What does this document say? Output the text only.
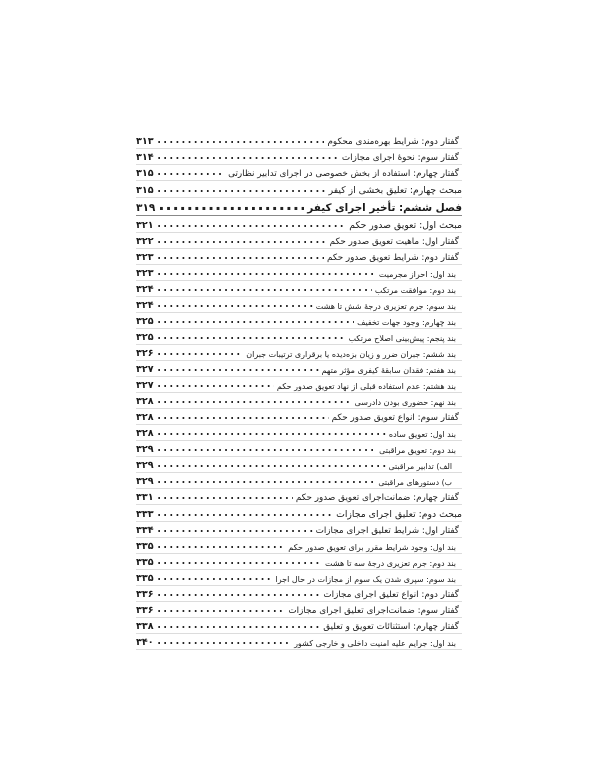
گفتار دوم: شرایط بهره‌مندی محکوم
.....
۳۱۳
گفتار سوم: نحوۀ اجرای مجازات
.....
۳۱۴
گفتار چهارم: استفاده از بخش خصوصی در اجرای تدابیر نظارتی
.....
۳۱۵
مبحث چهارم: تعلیق بخشی از کیفر
.....
۳۱۵
فصل ششم: تأخیر اجرای کیفر
.....
۳۱۹
مبحث اول: تعویق صدور حکم
.....
۳۲۱
گفتار اول: ماهیت تعویق صدور حکم
.....
۳۲۲
گفتار دوم: شرایط تعویق صدور حکم
.....
۳۲۳
بند اول: احراز مجرمیت
.....
۳۲۳
بند دوم: موافقت مرتکب
.....
۳۲۴
بند سوم: جرم تعزیری درجۀ شش تا هشت
.....
۳۲۴
بند چهارم: وجود جهات تخفیف
.....
۳۲۵
بند پنجم: پیش‌بینی اصلاح مرتکب
.....
۳۲۵
بند ششم: جبران ضرر و زیان بزه‌دیده یا برقراری ترتیبات جبران
.....
۳۲۶
بند هفتم: فقدان سابقۀ کیفری مؤثر متهم
.....
۳۲۷
بند هشتم: عدم استفاده قبلی از نهاد تعویق صدور حکم
.....
۳۲۷
بند نهم: حضوری بودن دادرسی
.....
۳۲۸
گفتار سوم: انواع تعویق صدور حکم
.....
۳۲۸
بند اول: تعویق ساده
.....
۳۲۸
بند دوم: تعویق مراقبتی
.....
۳۲۹
الف) تدابیر مراقبتی
.....
۳۲۹
ب) دستورهای مراقبتی
.....
۳۲۹
گفتار چهارم: ضمانت‌اجرای تعویق صدور حکم
.....
۳۳۱
مبحث دوم: تعلیق اجرای مجازات
.....
۳۳۳
گفتار اول: شرایط تعلیق اجرای مجازات
.....
۳۳۴
بند اول: وجود شرایط مقرر برای تعویق صدور حکم
.....
۳۳۵
بند دوم: جرم تعزیری درجۀ سه تا هشت
.....
۳۳۵
بند سوم: سپری شدن یک سوم از مجازات در حال اجرا
.....
۳۳۵
گفتار دوم: انواع تعلیق اجرای مجازات
.....
۳۳۶
گفتار سوم: ضمانت‌اجرای تعلیق اجرای مجازات
.....
۳۳۶
گفتار چهارم: استثنائات تعویق و تعلیق
.....
۳۳۸
بند اول: جرایم علیه امنیت داخلی و خارجی کشور
.....
۳۴۰
